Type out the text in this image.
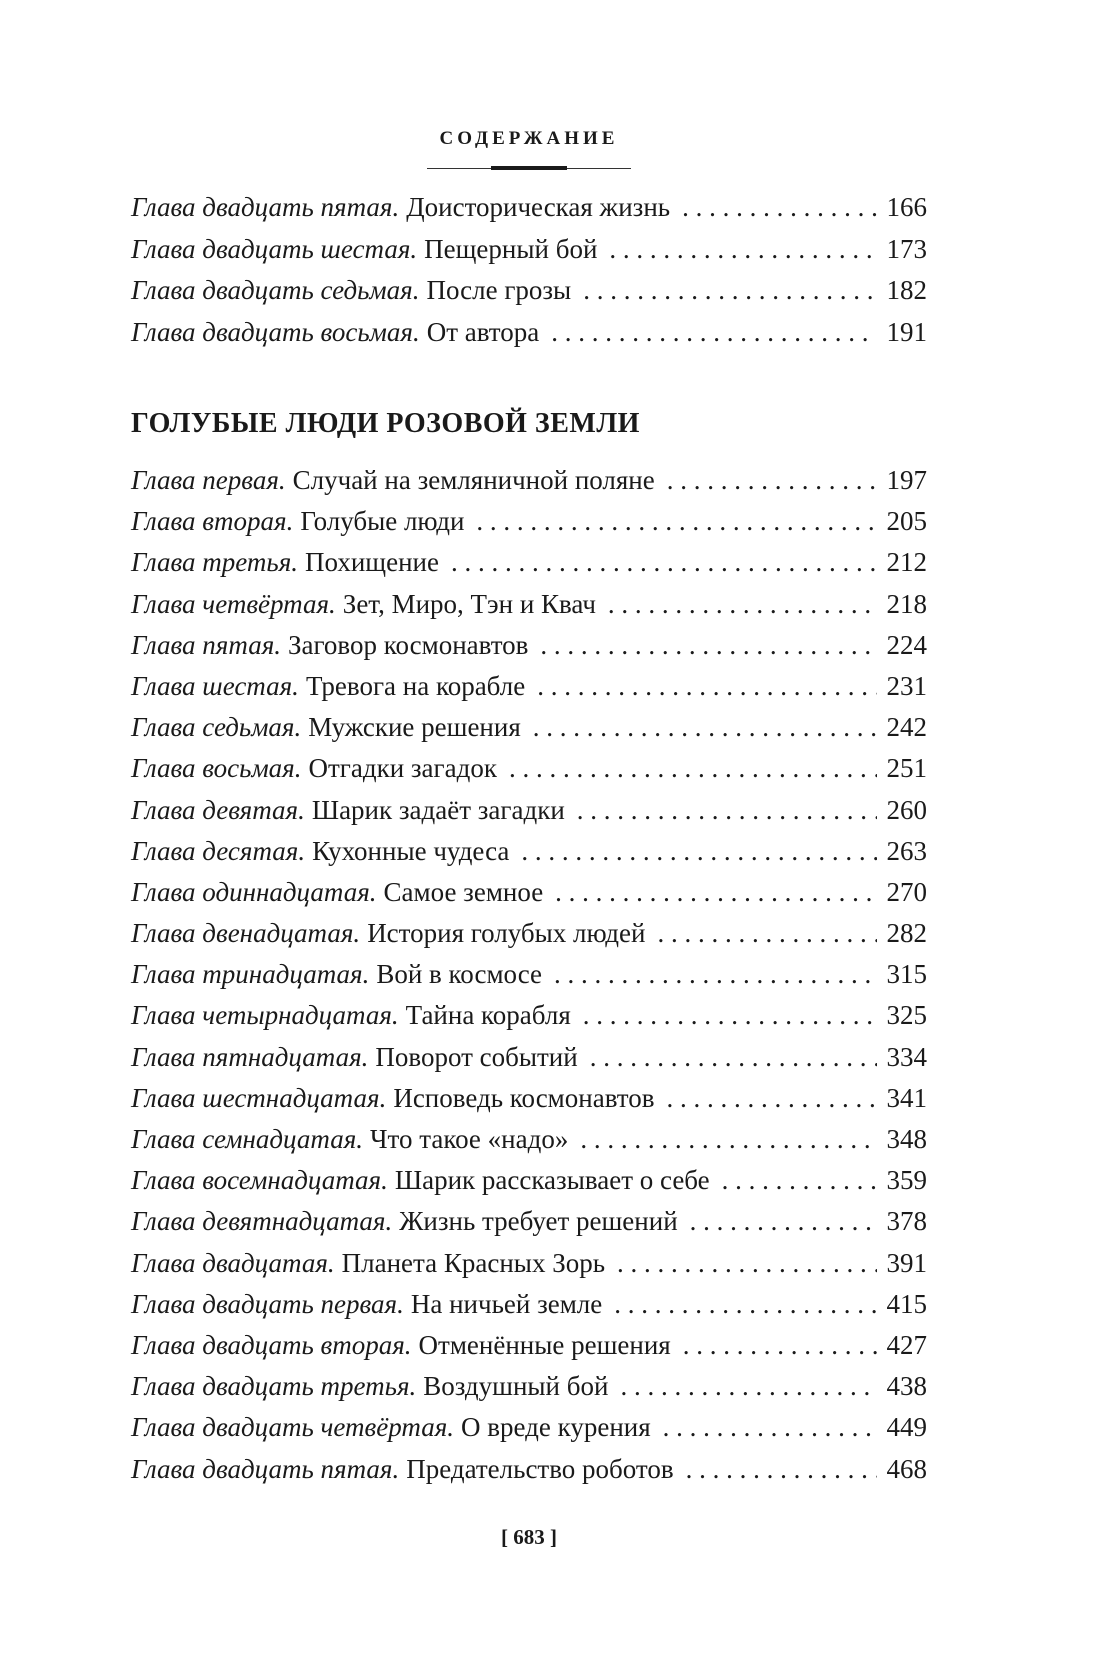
СОДЕРЖАНИЕ
Глава двадцать пятая. Доисторическая жизнь . . .	166
Глава двадцать шестая. Пещерный бой . . .	173
Глава двадцать седьмая. После грозы . . .	182
Глава двадцать восьмая. От автора . . .	191
ГОЛУБЫЕ ЛЮДИ РОЗОВОЙ ЗЕМЛИ
Глава первая. Случай на земляничной поляне . . .	197
Глава вторая. Голубые люди . . .	205
Глава третья. Похищение . . .	212
Глава четвёртая. Зет, Миро, Тэн и Квач . . .	218
Глава пятая. Заговор космонавтов . . .	224
Глава шестая. Тревога на корабле . . .	231
Глава седьмая. Мужские решения . . .	242
Глава восьмая. Отгадки загадок . . .	251
Глава девятая. Шарик задаёт загадки . . .	260
Глава десятая. Кухонные чудеса . . .	263
Глава одиннадцатая. Самое земное . . .	270
Глава двенадцатая. История голубых людей . . .	282
Глава тринадцатая. Вой в космосе . . .	315
Глава четырнадцатая. Тайна корабля . . .	325
Глава пятнадцатая. Поворот событий . . .	334
Глава шестнадцатая. Исповедь космонавтов . . .	341
Глава семнадцатая. Что такое «надо» . . .	348
Глава восемнадцатая. Шарик рассказывает о себе . . .	359
Глава девятнадцатая. Жизнь требует решений . . .	378
Глава двадцатая. Планета Красных Зорь . . .	391
Глава двадцать первая. На ничьей земле . . .	415
Глава двадцать вторая. Отменённые решения . . .	427
Глава двадцать третья. Воздушный бой . . .	438
Глава двадцать четвёртая. О вреде курения . . .	449
Глава двадцать пятая. Предательство роботов . . .	468
[ 683 ]
